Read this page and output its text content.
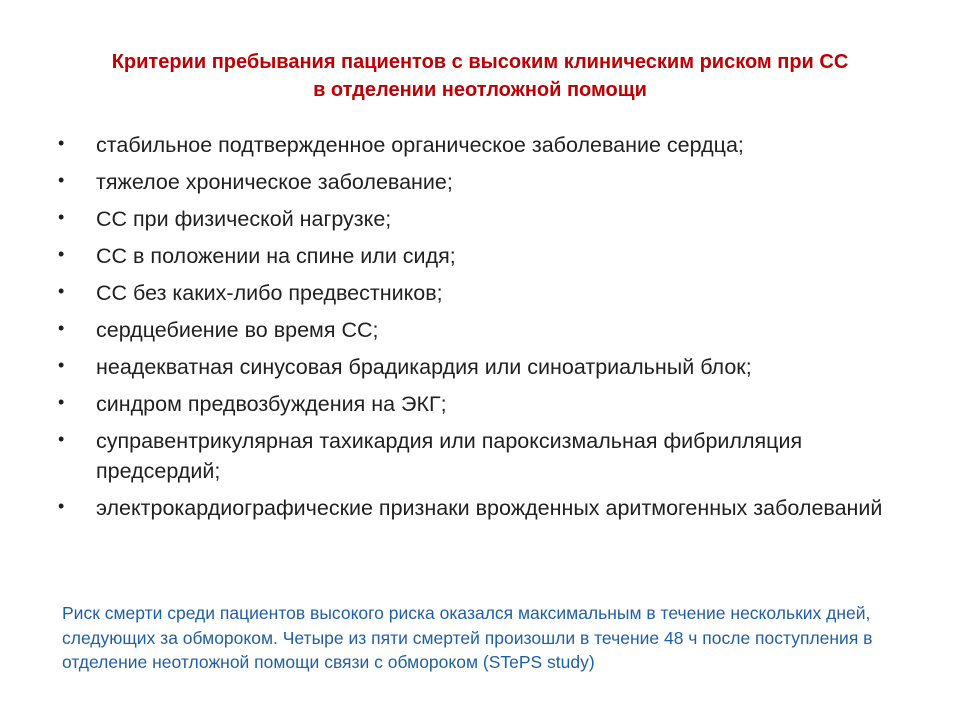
Критерии пребывания пациентов с высоким клиническим риском при СС
в отделении неотложной помощи
•	стабильное подтвержденное органическое заболевание сердца;
•	тяжелое хроническое заболевание;
•	СС при физической нагрузке;
•	СС в положении на спине или сидя;
•	СС без каких-либо предвестников;
•	сердцебиение во время СС;
•	неадекватная синусовая брадикардия или синоатриальный блок;
•	синдром предвозбуждения на ЭКГ;
•	суправентрикулярная тахикардия или пароксизмальная фибрилляция предсердий;
•	электрокардиографические признаки врожденных аритмогенных заболеваний
Риск смерти среди пациентов высокого риска оказался максимальным в течение нескольких дней, следующих за обмороком. Четыре из пяти смертей произошли в течение 48 ч после поступления в отделение неотложной помощи связи с обмороком (STePS study)
